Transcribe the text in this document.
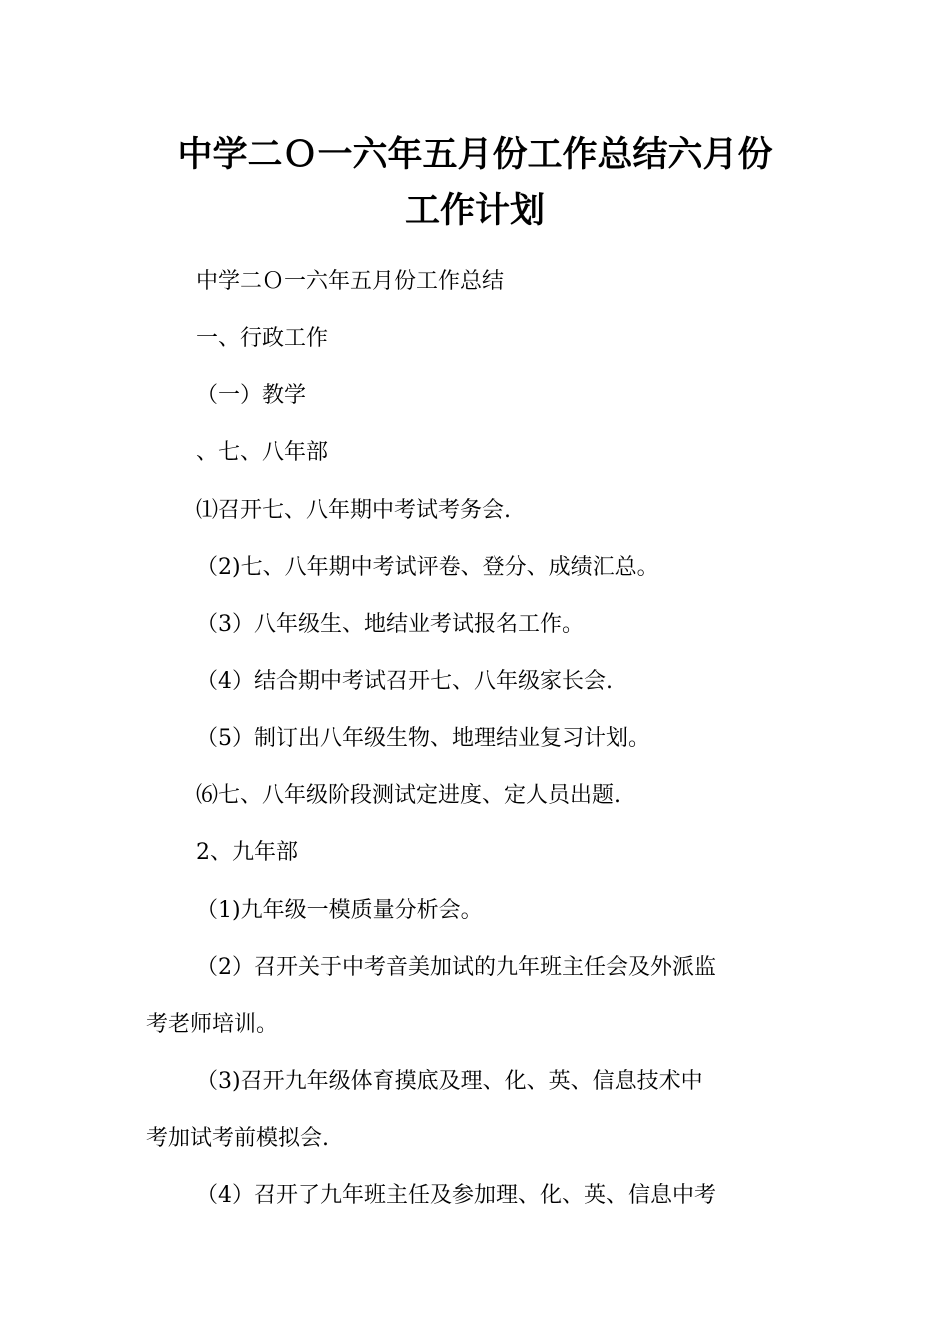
中学二Ｏ一六年五月份工作总结六月份
工作计划
中学二Ｏ一六年五月份工作总结
一、行政工作
（一）教学
、七、八年部
⑴召开七、八年期中考试考务会.
（2)七、八年期中考试评卷、登分、成绩汇总。
（3）八年级生、地结业考试报名工作。
（4）结合期中考试召开七、八年级家长会.
（5）制订出八年级生物、地理结业复习计划。
⑹七、八年级阶段测试定进度、定人员出题.
2、九年部
（1)九年级一模质量分析会。
（2）召开关于中考音美加试的九年班主任会及外派监
考老师培训。
（3)召开九年级体育摸底及理、化、英、信息技术中
考加试考前模拟会.
（4）召开了九年班主任及参加理、化、英、信息中考
